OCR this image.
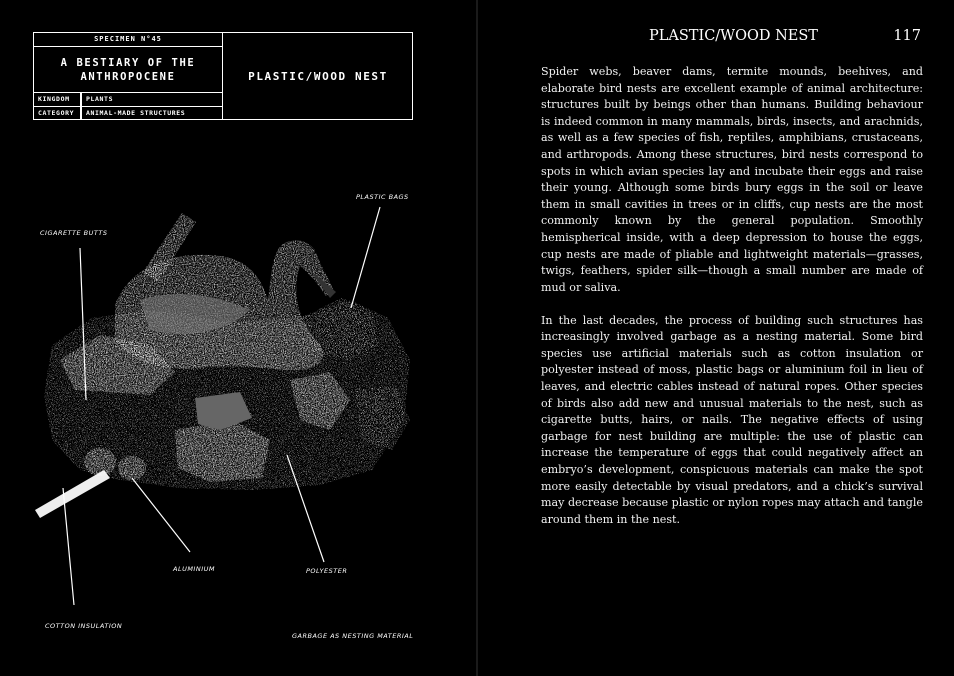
SPECIMEN N°45
A BESTIARY OF THE ANTHROPOCENE
KINGDOM	PLANTS
CATEGORY	ANIMAL-MADE STRUCTURES
PLASTIC/WOOD NEST
PLASTIC BAGS
CIGARETTE BUTTS
ALUMINIUM	POLYESTER
COTTON INSULATION
GARBAGE AS NESTING MATERIAL
PLASTIC/WOOD NEST	117

Spider webs, beaver dams, termite mounds, beehives, and elaborate bird nests are excellent example of animal architecture: structures built by beings other than humans. Building behaviour is indeed common in many mammals, birds, insects, and arachnids, as well as a few species of fish, reptiles, amphibians, crustaceans, and arthropods. Among these structures, bird nests correspond to spots in which avian species lay and incubate their eggs and raise their young. Although some birds bury eggs in the soil or leave them in small cavities in trees or in cliffs, cup nests are the most commonly known by the general population. Smoothly hemispherical inside, with a deep depression to house the eggs, cup nests are made of pliable and lightweight materials—grasses, twigs, feathers, spider silk—though a small number are made of mud or saliva.

In the last decades, the process of building such structures has increasingly involved garbage as a nesting material. Some bird species use artificial materials such as cotton insulation or polyester instead of moss, plastic bags or aluminium foil in lieu of leaves, and electric cables instead of natural ropes. Other species of birds also add new and unusual materials to the nest, such as cigarette butts, hairs, or nails. The negative effects of using garbage for nest building are multiple: the use of plastic can increase the temperature of eggs that could negatively affect an embryo’s development, conspicuous materials can make the spot more easily detectable by visual predators, and a chick’s survival may decrease because plastic or nylon ropes may attach and tangle around them in the nest.
